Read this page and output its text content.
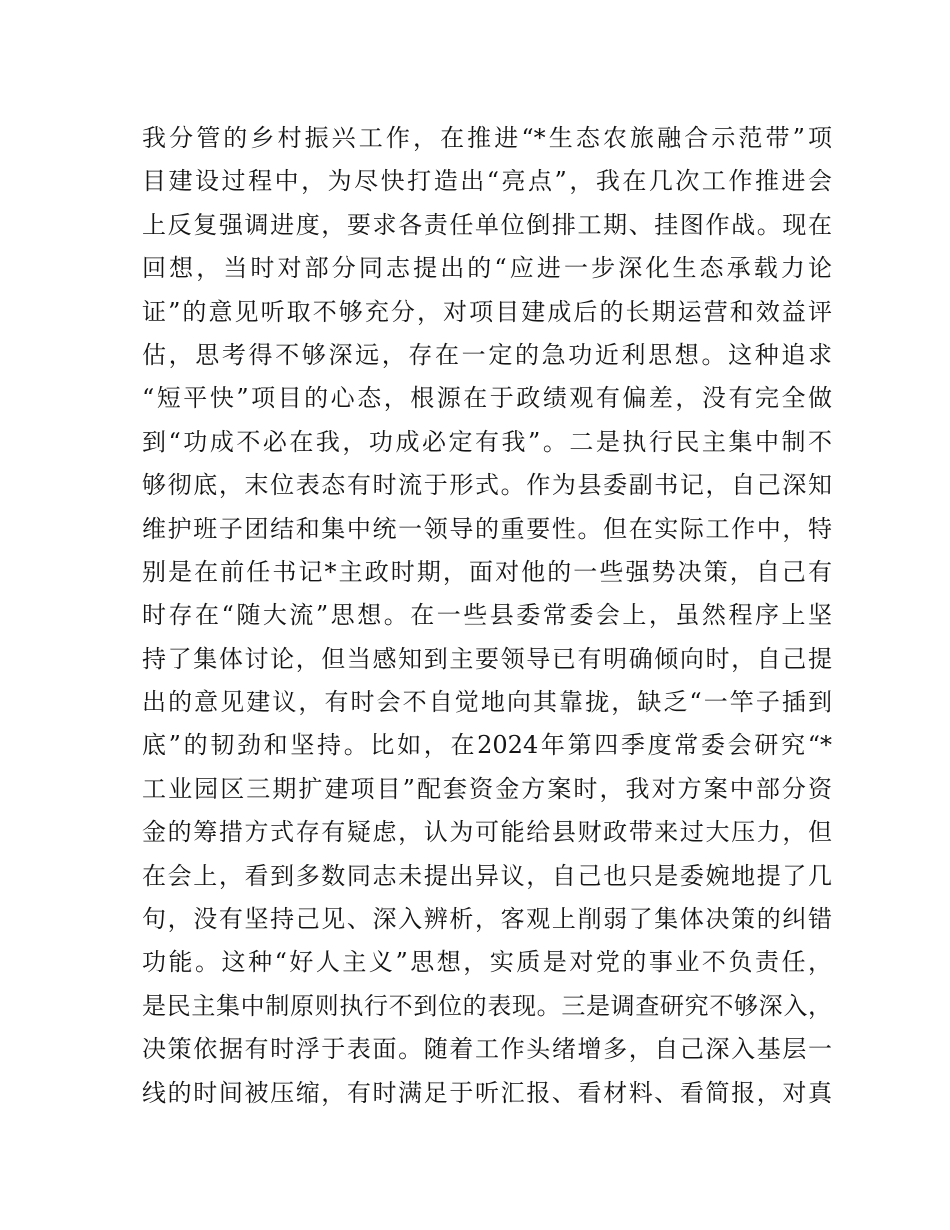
我分管的乡村振兴工作，在推进“*生态农旅融合示范带”项
目建设过程中，为尽快打造出“亮点”，我在几次工作推进会
上反复强调进度，要求各责任单位倒排工期、挂图作战。现在
回想，当时对部分同志提出的“应进一步深化生态承载力论
证”的意见听取不够充分，对项目建成后的长期运营和效益评
估，思考得不够深远，存在一定的急功近利思想。这种追求
“短平快”项目的心态，根源在于政绩观有偏差，没有完全做
到“功成不必在我，功成必定有我”。二是执行民主集中制不
够彻底，末位表态有时流于形式。作为县委副书记，自己深知
维护班子团结和集中统一领导的重要性。但在实际工作中，特
别是在前任书记*主政时期，面对他的一些强势决策，自己有
时存在“随大流”思想。在一些县委常委会上，虽然程序上坚
持了集体讨论，但当感知到主要领导已有明确倾向时，自己提
出的意见建议，有时会不自觉地向其靠拢，缺乏“一竿子插到
底”的韧劲和坚持。比如，在2024年第四季度常委会研究“*
工业园区三期扩建项目”配套资金方案时，我对方案中部分资
金的筹措方式存有疑虑，认为可能给县财政带来过大压力，但
在会上，看到多数同志未提出异议，自己也只是委婉地提了几
句，没有坚持己见、深入辨析，客观上削弱了集体决策的纠错
功能。这种“好人主义”思想，实质是对党的事业不负责任，
是民主集中制原则执行不到位的表现。三是调查研究不够深入，
决策依据有时浮于表面。随着工作头绪增多，自己深入基层一
线的时间被压缩，有时满足于听汇报、看材料、看简报，对真
